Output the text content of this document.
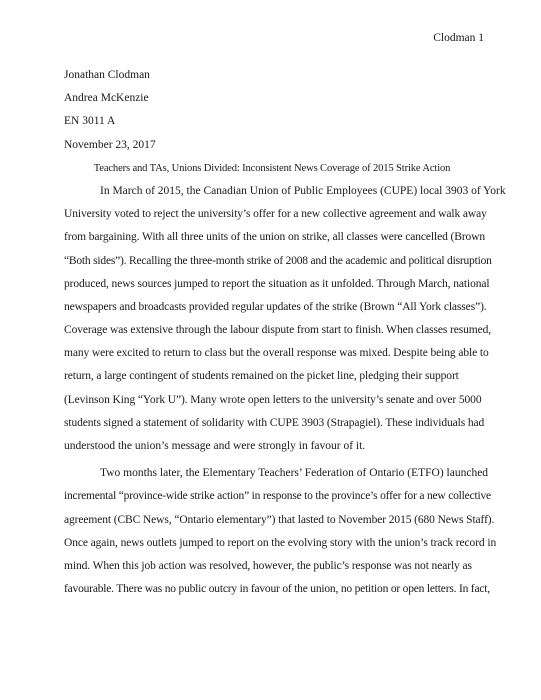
Clodman 1
Jonathan Clodman
Andrea McKenzie
EN 3011 A
November 23, 2017
Teachers and TAs, Unions Divided: Inconsistent News Coverage of 2015 Strike Action
In March of 2015, the Canadian Union of Public Employees (CUPE) local 3903 of York
University voted to reject the university’s offer for a new collective agreement and walk away
from bargaining. With all three units of the union on strike, all classes were cancelled (Brown
“Both sides”). Recalling the three-month strike of 2008 and the academic and political disruption
produced, news sources jumped to report the situation as it unfolded. Through March, national
newspapers and broadcasts provided regular updates of the strike (Brown “All York classes”).
Coverage was extensive through the labour dispute from start to finish. When classes resumed,
many were excited to return to class but the overall response was mixed. Despite being able to
return, a large contingent of students remained on the picket line, pledging their support
(Levinson King “York U”). Many wrote open letters to the university’s senate and over 5000
students signed a statement of solidarity with CUPE 3903 (Strapagiel). These individuals had
understood the union’s message and were strongly in favour of it.
Two months later, the Elementary Teachers’ Federation of Ontario (ETFO) launched
incremental “province-wide strike action” in response to the province’s offer for a new collective
agreement (CBC News, “Ontario elementary”) that lasted to November 2015 (680 News Staff).
Once again, news outlets jumped to report on the evolving story with the union’s track record in
mind. When this job action was resolved, however, the public’s response was not nearly as
favourable. There was no public outcry in favour of the union, no petition or open letters. In fact,
